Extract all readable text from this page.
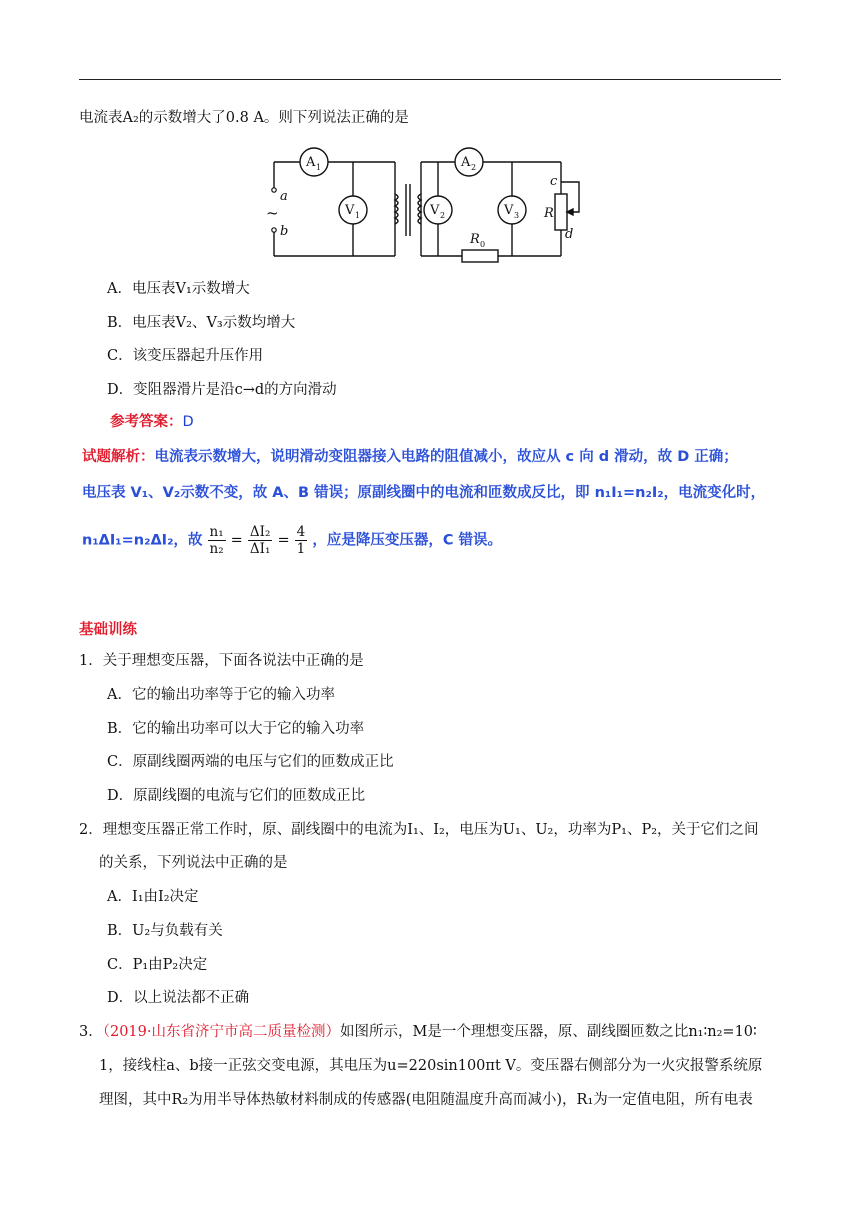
电流表A₂的示数增大了0.8 A。则下列说法正确的是
A 1	A 2
V 1	V 2	V 3
R 0
R
a
b
c
d
~
A．电压表V₁示数增大
B．电压表V₂、V₃示数均增大
C．该变压器起升压作用
D．变阻器滑片是沿c→d的方向滑动
参考答案：D
试题解析：电流表示数增大，说明滑动变阻器接入电路的阻值减小，故应从 c 向 d 滑动，故 D 正确；
电压表 V₁、V₂示数不变，故 A、B 错误；原副线圈中的电流和匝数成反比，即 n₁I₁=n₂I₂，电流变化时，
n₁ΔI₁=n₂ΔI₂，故 $\frac{\text{n₁}}{\text{n₂}} = \frac{\text{ΔI₂}}{\text{ΔI₁}} = \frac{4}{1}$ ，应是降压变压器，C 错误。
基础训练
1．关于理想变压器，下面各说法中正确的是
A．它的输出功率等于它的输入功率
B．它的输出功率可以大于它的输入功率
C．原副线圈两端的电压与它们的匝数成正比
D．原副线圈的电流与它们的匝数成正比
2．理想变压器正常工作时，原、副线圈中的电流为I₁、I₂，电压为U₁、U₂，功率为P₁、P₂，关于它们之间
的关系，下列说法中正确的是
A．I₁由I₂决定
B．U₂与负载有关
C．P₁由P₂决定
D．以上说法都不正确
3．（2019·山东省济宁市高二质量检测）如图所示，M是一个理想变压器，原、副线圈匝数之比n₁∶n₂=10∶
1，接线柱a、b接一正弦交变电源，其电压为u=220sin100πt V。变压器右侧部分为一火灾报警系统原
理图，其中R₂为用半导体热敏材料制成的传感器(电阻随温度升高而减小)，R₁为一定值电阻，所有电表
